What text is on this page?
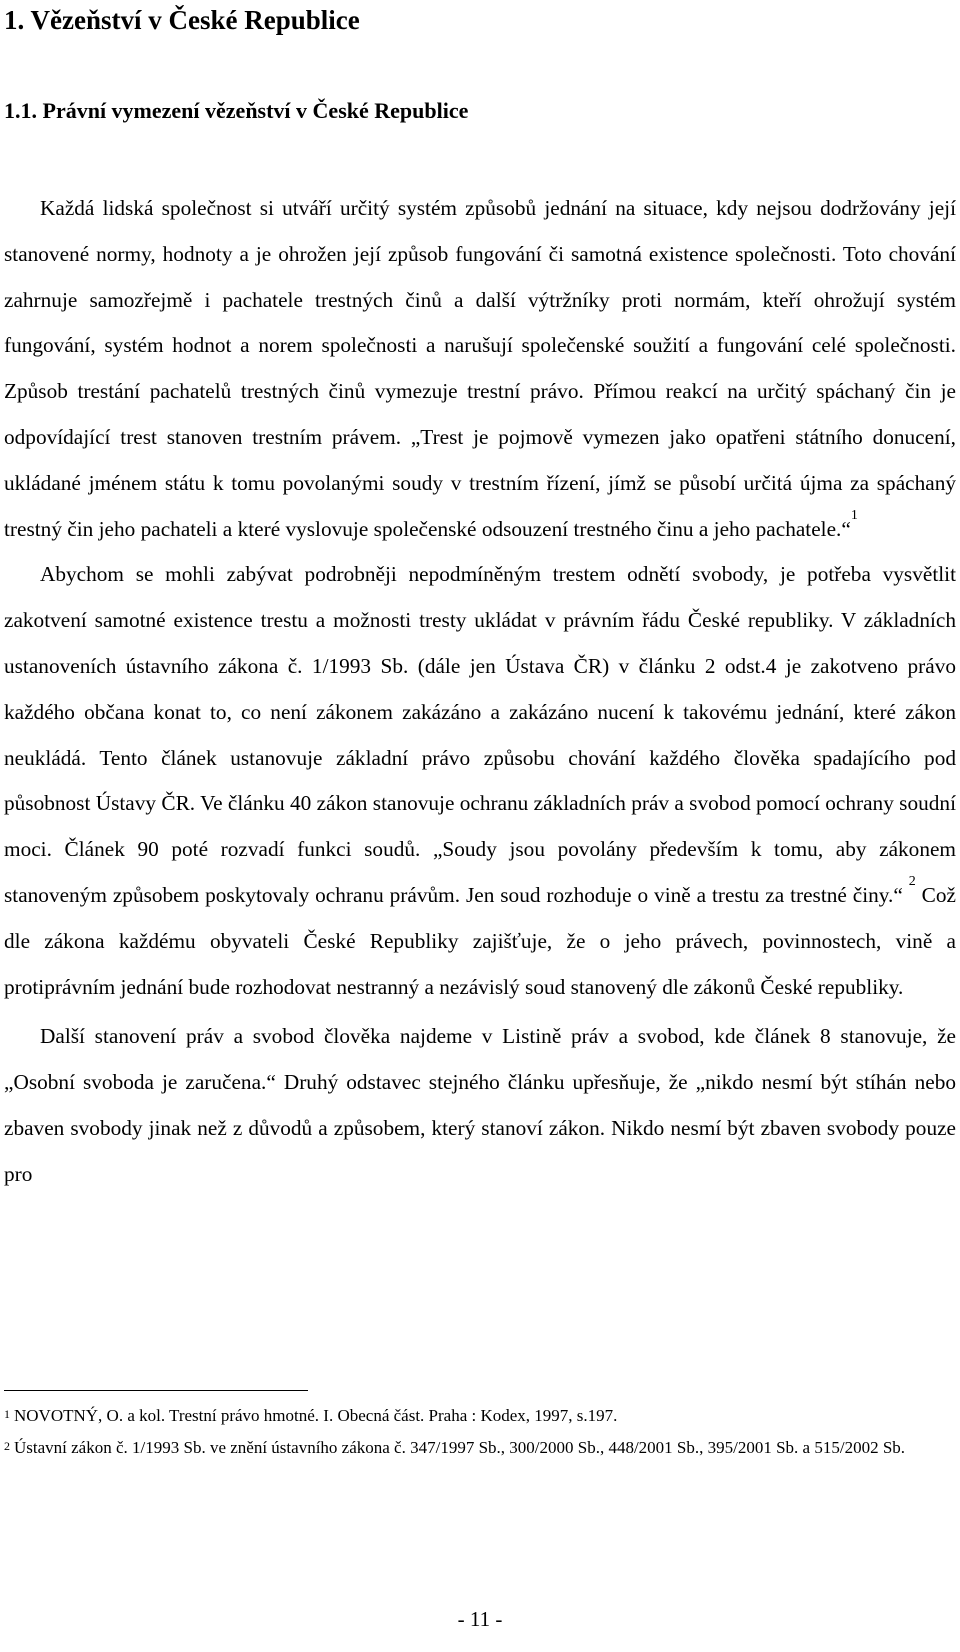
1. Vězeňství v České Republice
1.1. Právní vymezení vězeňství v České Republice

Každá lidská společnost si utváří určitý systém způsobů jednání na situace, kdy nejsou dodržovány její stanovené normy, hodnoty a je ohrožen její způsob fungování či samotná existence společnosti. Toto chování zahrnuje samozřejmě i pachatele trestných činů a další výtržníky proti normám, kteří ohrožují systém fungování, systém hodnot a norem společnosti a narušují společenské soužití a fungování celé společnosti. Způsob trestání pachatelů trestných činů vymezuje trestní právo. Přímou reakcí na určitý spáchaný čin je odpovídající trest stanoven trestním právem. „Trest je pojmově vymezen jako opatřeni státního donucení, ukládané jménem státu k tomu povolanými soudy v trestním řízení, jímž se působí určitá újma za spáchaný trestný čin jeho pachateli a které vyslovuje společenské odsouzení trestného činu a jeho pachatele.“$^1$

Abychom se mohli zabývat podrobněji nepodmíněným trestem odnětí svobody, je potřeba vysvětlit zakotvení samotné existence trestu a možnosti tresty ukládat v právním řádu České republiky. V základních ustanoveních ústavního zákona č. 1/1993 Sb. (dále jen Ústava ČR) v článku 2 odst.4 je zakotveno právo každého občana konat to, co není zákonem zakázáno a zakázáno nucení k takovému jednání, které zákon neukládá. Tento článek ustanovuje základní právo způsobu chování každého člověka spadajícího pod působnost Ústavy ČR. Ve článku 40 zákon stanovuje ochranu základních práv a svobod pomocí ochrany soudní moci. Článek 90 poté rozvadí funkci soudů. „Soudy jsou povolány především k tomu, aby zákonem stanoveným způsobem poskytovaly ochranu právům. Jen soud rozhoduje o vině a trestu za trestné činy.“ $^2$ Což dle zákona každému obyvateli České Republiky zajišťuje, že o jeho právech, povinnostech, vině a protiprávním jednání bude rozhodovat nestranný a nezávislý soud stanovený dle zákonů České republiky.

Další stanovení práv a svobod člověka najdeme v Listině práv a svobod, kde článek 8 stanovuje, že „Osobní svoboda je zaručena.“ Druhý odstavec stejného článku upřesňuje, že „nikdo nesmí být stíhán nebo zbaven svobody jinak než z důvodů a způsobem, který stanoví zákon. Nikdo nesmí být zbaven svobody pouze pro

$^1$ NOVOTNÝ, O. a kol. Trestní právo hmotné. I. Obecná část. Praha : Kodex, 1997, s.197.
$^2$ Ústavní zákon č. 1/1993 Sb. ve znění ústavního zákona č. 347/1997 Sb., 300/2000 Sb., 448/2001 Sb., 395/2001 Sb. a 515/2002 Sb.
- 11 -
